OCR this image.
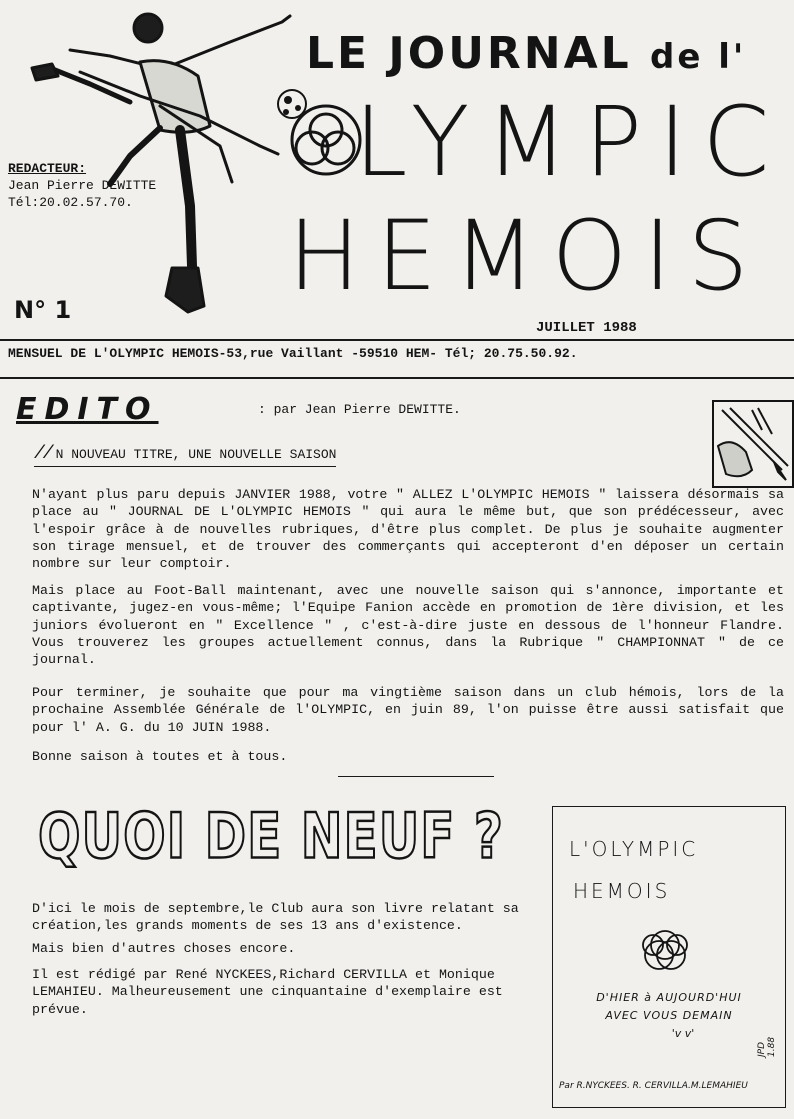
LE JOURNAL de l'
LYMPIC
HEMOIS
REDACTEUR:
Jean Pierre DEWITTE
Tél:20.02.57.70.
N° 1
JUILLET 1988
MENSUEL DE L'OLYMPIC HEMOIS-53,rue Vaillant -59510 HEM- Tél; 20.75.50.92.
EDITO	: par Jean Pierre DEWITTE.
// N NOUVEAU TITRE, UNE NOUVELLE SAISON

N'ayant plus paru depuis JANVIER 1988, votre " ALLEZ L'OLYMPIC HEMOIS " laissera désormais sa place au " JOURNAL DE L'OLYMPIC HEMOIS " qui aura le même but, que son prédécesseur, avec l'espoir grâce à de nouvelles rubriques, d'être plus complet. De plus je souhaite augmenter son tirage mensuel, et de trouver des commerçants qui accepteront d'en déposer un certain nombre sur leur comptoir.

Mais place au Foot-Ball maintenant, avec une nouvelle saison qui s'annonce, importante et captivante, jugez-en vous-même; l'Equipe Fanion accède en promotion de 1ère division, et les juniors évolueront en " Excellence " , c'est-à-dire juste en dessous de l'honneur Flandre. Vous trouverez les groupes actuellement connus, dans la Rubrique " CHAMPIONNAT " de ce journal.

Pour terminer, je souhaite que pour ma vingtième saison dans un club hémois, lors de la prochaine Assemblée Générale de l'OLYMPIC, en juin 89, l'on puisse être aussi satisfait que pour l' A. G. du 10 JUIN 1988.

Bonne saison à toutes et à tous.

QUOI DE NEUF ?

D'ici le mois de septembre,le Club aura son livre relatant sa création,les grands moments de ses 13 ans d'existence.

Mais bien d'autres choses encore.

Il est rédigé par René NYCKEES,Richard CERVILLA et Monique LEMAHIEU. Malheureusement une cinquantaine d'exemplaire est prévue.

L'OLYMPIC
HEMOIS
D'HIER à AUJOURD'HUI
AVEC VOUS DEMAIN
'v v'
JPD 1.88
Par R.NYCKEES. R. CERVILLA.M.LEMAHIEU
